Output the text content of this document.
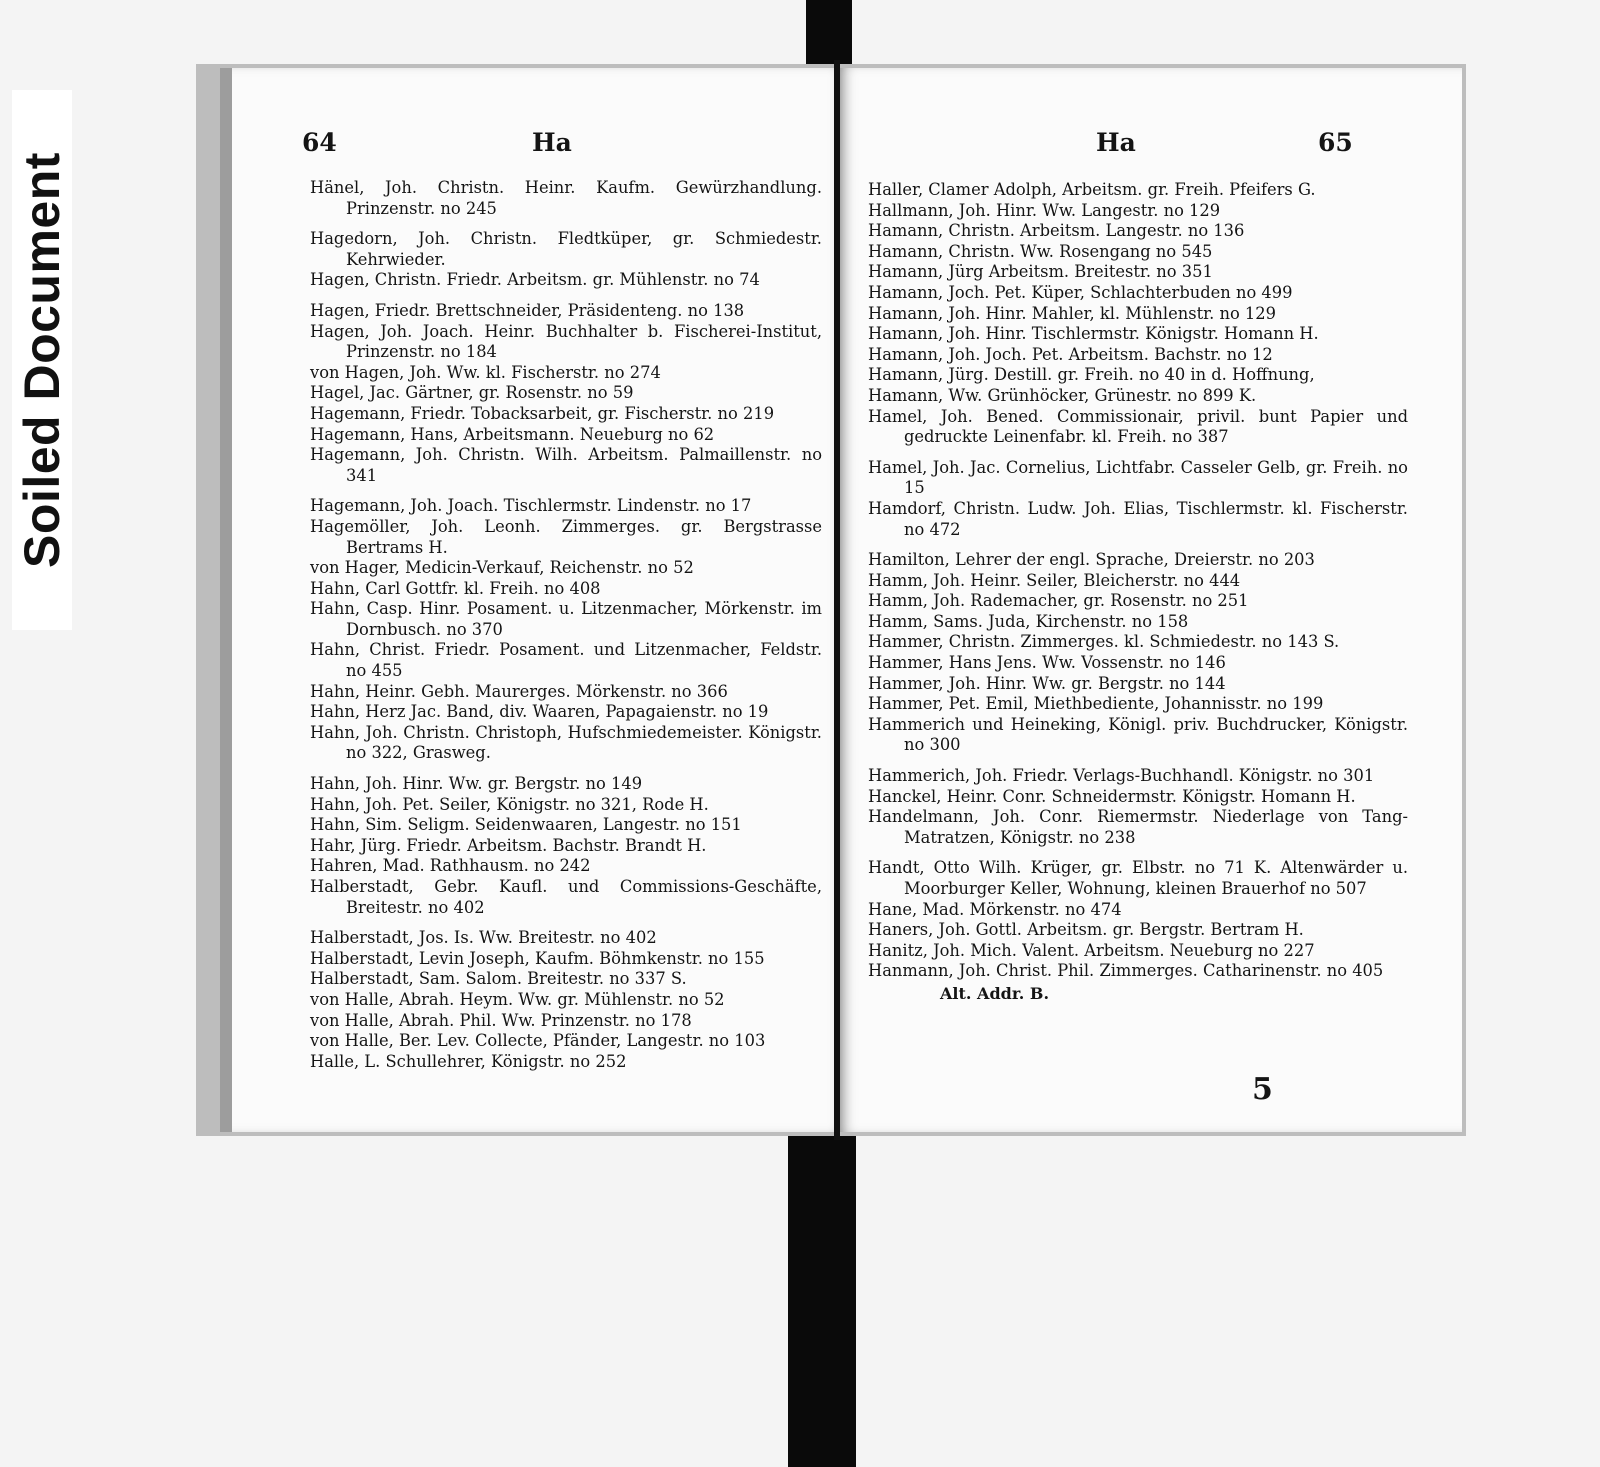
Soiled Document
64	Ha
Hänel, Joh. Christn. Heinr. Kaufm. Gewürzhandlung. Prinzenstr. no 245
Hagedorn, Joh. Christn. Fledtküper, gr. Schmiedestr. Kehrwieder.
Hagen, Christn. Friedr. Arbeitsm. gr. Mühlenstr. no 74
Hagen, Friedr. Brettschneider, Präsidenteng. no 138
Hagen, Joh. Joach. Heinr. Buchhalter b. Fischerei-Institut, Prinzenstr. no 184
von Hagen, Joh. Ww. kl. Fischerstr. no 274
Hagel, Jac. Gärtner, gr. Rosenstr. no 59
Hagemann, Friedr. Tobacksarbeit, gr. Fischerstr. no 219
Hagemann, Hans, Arbeitsmann. Neueburg no 62
Hagemann, Joh. Christn. Wilh. Arbeitsm. Palmaillenstr. no 341
Hagemann, Joh. Joach. Tischlermstr. Lindenstr. no 17
Hagemöller, Joh. Leonh. Zimmerges. gr. Bergstrasse Bertrams H.
von Hager, Medicin-Verkauf, Reichenstr. no 52
Hahn, Carl Gottfr. kl. Freih. no 408
Hahn, Casp. Hinr. Posament. u. Litzenmacher, Mörkenstr. im Dornbusch. no 370
Hahn, Christ. Friedr. Posament. und Litzenmacher, Feldstr. no 455
Hahn, Heinr. Gebh. Maurerges. Mörkenstr. no 366
Hahn, Herz Jac. Band, div. Waaren, Papagaienstr. no 19
Hahn, Joh. Christn. Christoph, Hufschmiedemeister. Königstr. no 322, Grasweg.
Hahn, Joh. Hinr. Ww. gr. Bergstr. no 149
Hahn, Joh. Pet. Seiler, Königstr. no 321, Rode H.
Hahn, Sim. Seligm. Seidenwaaren, Langestr. no 151
Hahr, Jürg. Friedr. Arbeitsm. Bachstr. Brandt H.
Hahren, Mad. Rathhausm. no 242
Halberstadt, Gebr. Kaufl. und Commissions-Geschäfte, Breitestr. no 402
Halberstadt, Jos. Is. Ww. Breitestr. no 402
Halberstadt, Levin Joseph, Kaufm. Böhmkenstr. no 155
Halberstadt, Sam. Salom. Breitestr. no 337 S.
von Halle, Abrah. Heym. Ww. gr. Mühlenstr. no 52
von Halle, Abrah. Phil. Ww. Prinzenstr. no 178
von Halle, Ber. Lev. Collecte, Pfänder, Langestr. no 103
Halle, L. Schullehrer, Königstr. no 252
Ha	65
Haller, Clamer Adolph, Arbeitsm. gr. Freih. Pfeifers G.
Hallmann, Joh. Hinr. Ww. Langestr. no 129
Hamann, Christn. Arbeitsm. Langestr. no 136
Hamann, Christn. Ww. Rosengang no 545
Hamann, Jürg Arbeitsm. Breitestr. no 351
Hamann, Joch. Pet. Küper, Schlachterbuden no 499
Hamann, Joh. Hinr. Mahler, kl. Mühlenstr. no 129
Hamann, Joh. Hinr. Tischlermstr. Königstr. Homann H.
Hamann, Joh. Joch. Pet. Arbeitsm. Bachstr. no 12
Hamann, Jürg. Destill. gr. Freih. no 40 in d. Hoffnung,
Hamann, Ww. Grünhöcker, Grünestr. no 899 K.
Hamel, Joh. Bened. Commissionair, privil. bunt Papier und gedruckte Leinenfabr. kl. Freih. no 387
Hamel, Joh. Jac. Cornelius, Lichtfabr. Casseler Gelb, gr. Freih. no 15
Hamdorf, Christn. Ludw. Joh. Elias, Tischlermstr. kl. Fischerstr. no 472
Hamilton, Lehrer der engl. Sprache, Dreierstr. no 203
Hamm, Joh. Heinr. Seiler, Bleicherstr. no 444
Hamm, Joh. Rademacher, gr. Rosenstr. no 251
Hamm, Sams. Juda, Kirchenstr. no 158
Hammer, Christn. Zimmerges. kl. Schmiedestr. no 143 S.
Hammer, Hans Jens. Ww. Vossenstr. no 146
Hammer, Joh. Hinr. Ww. gr. Bergstr. no 144
Hammer, Pet. Emil, Miethbediente, Johannisstr. no 199
Hammerich und Heineking, Königl. priv. Buchdrucker, Königstr. no 300
Hammerich, Joh. Friedr. Verlags-Buchhandl. Königstr. no 301
Hanckel, Heinr. Conr. Schneidermstr. Königstr. Homann H.
Handelmann, Joh. Conr. Riemermstr. Niederlage von Tang-Matratzen, Königstr. no 238
Handt, Otto Wilh. Krüger, gr. Elbstr. no 71 K. Altenwärder u. Moorburger Keller, Wohnung, kleinen Brauerhof no 507
Hane, Mad. Mörkenstr. no 474
Haners, Joh. Gottl. Arbeitsm. gr. Bergstr. Bertram H.
Hanitz, Joh. Mich. Valent. Arbeitsm. Neueburg no 227
Hanmann, Joh. Christ. Phil. Zimmerges. Catharinenstr. no 405
Alt. Addr. B.
5
